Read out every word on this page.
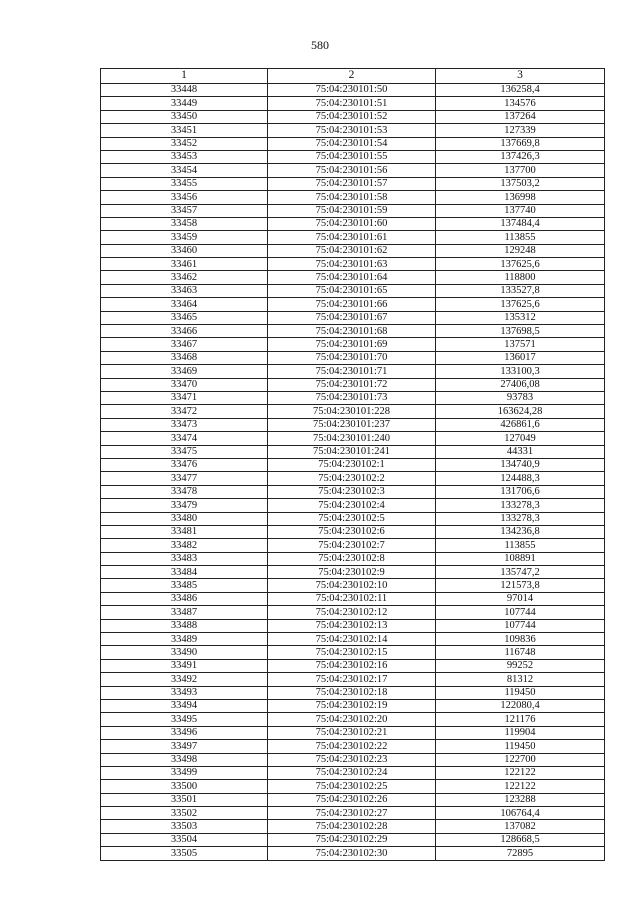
580
1	2	3
33448	75:04:230101:50	136258,4
33449	75:04:230101:51	134576
33450	75:04:230101:52	137264
33451	75:04:230101:53	127339
33452	75:04:230101:54	137669,8
33453	75:04:230101:55	137426,3
33454	75:04:230101:56	137700
33455	75:04:230101:57	137503,2
33456	75:04:230101:58	136998
33457	75:04:230101:59	137740
33458	75:04:230101:60	137484,4
33459	75:04:230101:61	113855
33460	75:04:230101:62	129248
33461	75:04:230101:63	137625,6
33462	75:04:230101:64	118800
33463	75:04:230101:65	133527,8
33464	75:04:230101:66	137625,6
33465	75:04:230101:67	135312
33466	75:04:230101:68	137698,5
33467	75:04:230101:69	137571
33468	75:04:230101:70	136017
33469	75:04:230101:71	133100,3
33470	75:04:230101:72	27406,08
33471	75:04:230101:73	93783
33472	75:04:230101:228	163624,28
33473	75:04:230101:237	426861,6
33474	75:04:230101:240	127049
33475	75:04:230101:241	44331
33476	75:04:230102:1	134740,9
33477	75:04:230102:2	124488,3
33478	75:04:230102:3	131706,6
33479	75:04:230102:4	133278,3
33480	75:04:230102:5	133278,3
33481	75:04:230102:6	134236,8
33482	75:04:230102:7	113855
33483	75:04:230102:8	108891
33484	75:04:230102:9	135747,2
33485	75:04:230102:10	121573,8
33486	75:04:230102:11	97014
33487	75:04:230102:12	107744
33488	75:04:230102:13	107744
33489	75:04:230102:14	109836
33490	75:04:230102:15	116748
33491	75:04:230102:16	99252
33492	75:04:230102:17	81312
33493	75:04:230102:18	119450
33494	75:04:230102:19	122080,4
33495	75:04:230102:20	121176
33496	75:04:230102:21	119904
33497	75:04:230102:22	119450
33498	75:04:230102:23	122700
33499	75:04:230102:24	122122
33500	75:04:230102:25	122122
33501	75:04:230102:26	123288
33502	75:04:230102:27	106764,4
33503	75:04:230102:28	137082
33504	75:04:230102:29	128668,5
33505	75:04:230102:30	72895
